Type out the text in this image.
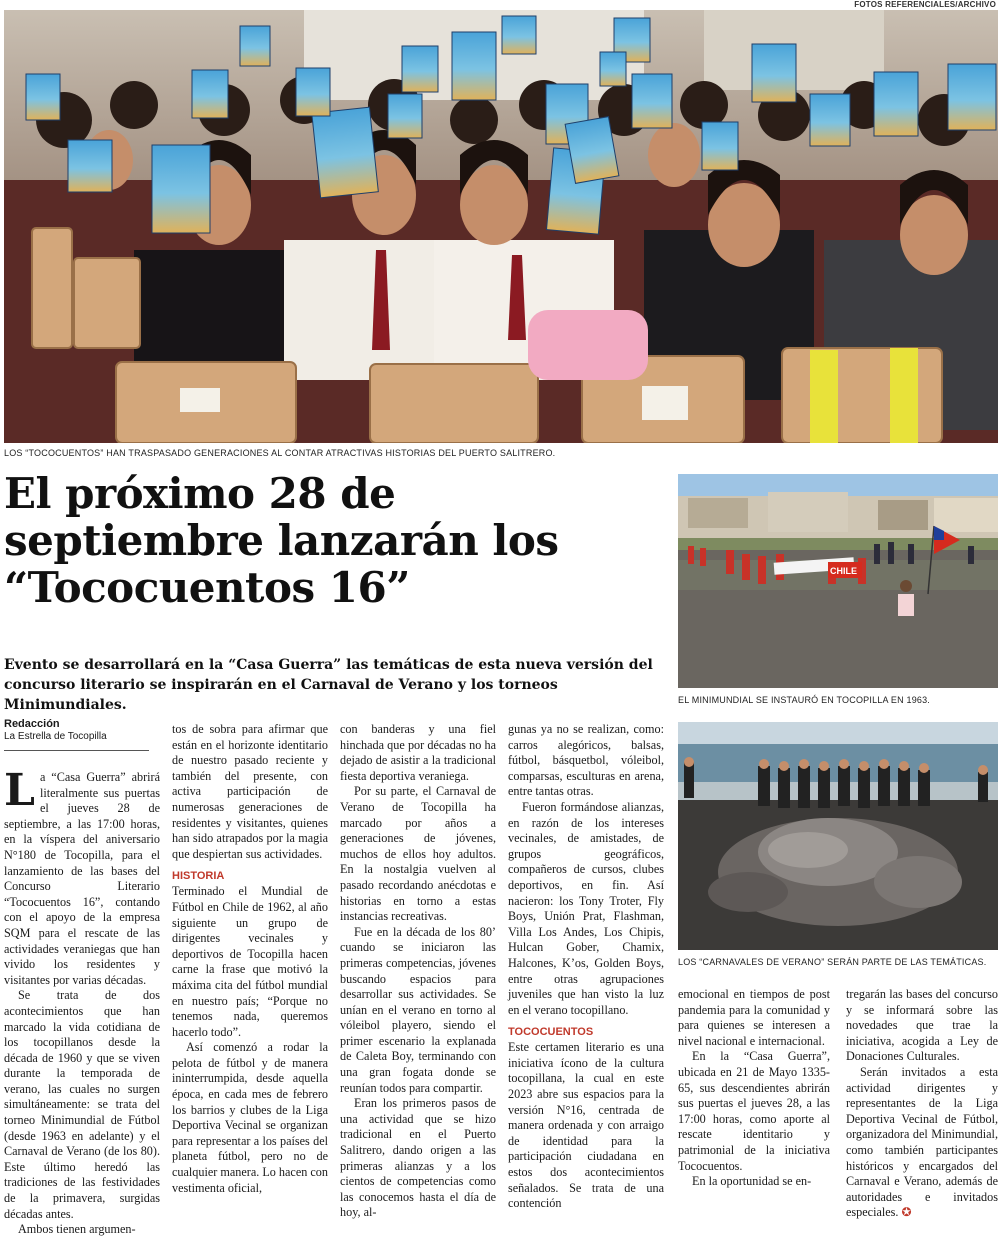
FOTOS REFERENCIALES/ARCHIVO
LOS “TOCOCUENTOS” HAN TRASPASADO GENERACIONES AL CONTAR ATRACTIVAS HISTORIAS DEL PUERTO SALITRERO.
El próximo 28 de septiembre lanzarán los “Tococuentos 16”

Evento se desarrollará en la “Casa Guerra” las temáticas de esta nueva versión del concurso literario se inspirarán en el Carnaval de Verano y los torneos Minimundiales.

CHILE
EL MINIMUNDIAL SE INSTAURÓ EN TOCOPILLA EN 1963.
LOS “CARNAVALES DE VERANO” SERÁN PARTE DE LAS TEMÁTICAS.
Redacción
La Estrella de Tocopilla

La “Casa Guerra” abrirá literalmente sus puertas el jueves 28 de septiembre, a las 17:00 horas, en la víspera del aniversario N°180 de Tocopilla, para el lanzamiento de las bases del Concurso Literario “Tococuentos 16”, contando con el apoyo de la empresa SQM para el rescate de las actividades veraniegas que han vivido los residentes y visitantes por varias décadas.

Se trata de dos acontecimientos que han marcado la vida cotidiana de los tocopillanos desde la década de 1960 y que se viven durante la temporada de verano, las cuales no surgen simultáneamente: se trata del torneo Minimundial de Fútbol (desde 1963 en adelante) y el Carnaval de Verano (de los 80). Este último heredó las tradiciones de las festividades de la primavera, surgidas décadas antes.

Ambos tienen argumen-

tos de sobra para afirmar que están en el horizonte identitario de nuestro pasado reciente y también del presente, con activa participación de numerosas generaciones de residentes y visitantes, quienes han sido atrapados por la magia que despiertan sus actividades.

HISTORIA

Terminado el Mundial de Fútbol en Chile de 1962, al año siguiente un grupo de dirigentes vecinales y deportivos de Tocopilla hacen carne la frase que motivó la máxima cita del fútbol mundial en nuestro país; “Porque no tenemos nada, queremos hacerlo todo”.

Así comenzó a rodar la pelota de fútbol y de manera ininterrumpida, desde aquella época, en cada mes de febrero los barrios y clubes de la Liga Deportiva Vecinal se organizan para representar a los países del planeta fútbol, pero no de cualquier manera. Lo hacen con vestimenta oficial,

con banderas y una fiel hinchada que por décadas no ha dejado de asistir a la tradicional fiesta deportiva veraniega.

Por su parte, el Carnaval de Verano de Tocopilla ha marcado por años a generaciones de jóvenes, muchos de ellos hoy adultos. En la nostalgia vuelven al pasado recordando anécdotas e historias en torno a estas instancias recreativas.

Fue en la década de los 80’ cuando se iniciaron las primeras competencias, jóvenes buscando espacios para desarrollar sus actividades. Se unían en el verano en torno al vóleibol playero, siendo el primer escenario la explanada de Caleta Boy, terminando con una gran fogata donde se reunían todos para compartir.

Eran los primeros pasos de una actividad que se hizo tradicional en el Puerto Salitrero, dando origen a las primeras alianzas y a los cientos de competencias como las conocemos hasta el día de hoy, al-

gunas ya no se realizan, como: carros alegóricos, balsas, fútbol, básquetbol, vóleibol, comparsas, esculturas en arena, entre tantas otras.

Fueron formándose alianzas, en razón de los intereses vecinales, de amistades, de grupos geográficos, compañeros de cursos, clubes deportivos, en fin. Así nacieron: los Tony Troter, Fly Boys, Unión Prat, Flashman, Villa Los Andes, Los Chipis, Hulcan Gober, Chamix, Halcones, K’os, Golden Boys, entre otras agrupaciones juveniles que han visto la luz en el verano tocopillano.

TOCOCUENTOS

Este certamen literario es una iniciativa ícono de la cultura tocopillana, la cual en este 2023 abre sus espacios para la versión N°16, centrada de manera ordenada y con arraigo de identidad para la participación ciudadana en estos dos acontecimientos señalados. Se trata de una contención

emocional en tiempos de post pandemia para la comunidad y para quienes se interesen a nivel nacional e internacional.

En la “Casa Guerra”, ubicada en 21 de Mayo 1335-65, sus descendientes abrirán sus puertas el jueves 28, a las 17:00 horas, como aporte al rescate identitario y patrimonial de la iniciativa Tococuentos.

En la oportunidad se en-

tregarán las bases del concurso y se informará sobre las novedades que trae la iniciativa, acogida a Ley de Donaciones Culturales.

Serán invitados a esta actividad dirigentes y representantes de la Liga Deportiva Vecinal de Fútbol, organizadora del Minimundial, como también participantes históricos y encargados del Carnaval e Verano, además de autoridades e invitados especiales. ✪
